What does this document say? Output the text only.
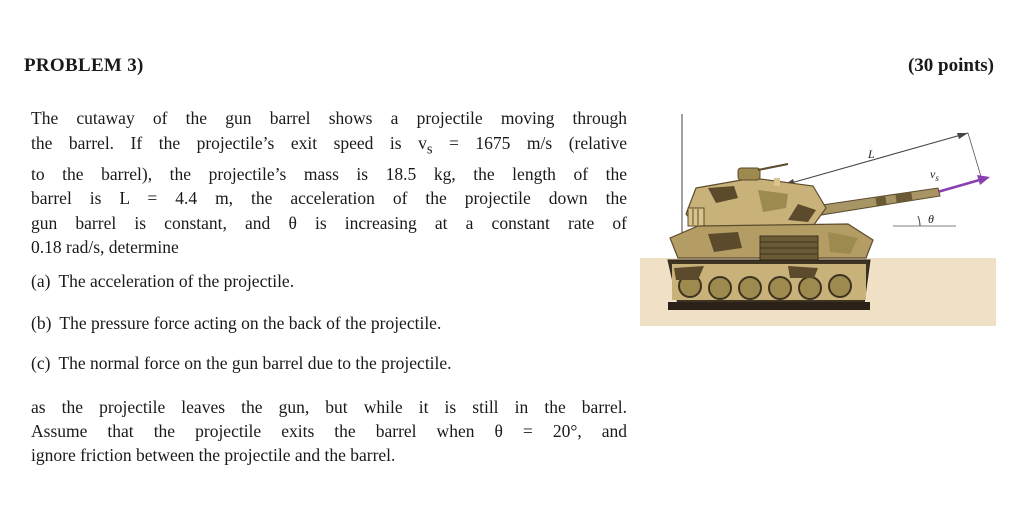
PROBLEM 3)	(30 points)
The cutaway of the gun barrel shows a projectile moving through
the barrel. If the projectile’s exit speed is $v_s = 1675$ m/s (relative
to the barrel), the projectile’s mass is 18.5 kg, the length of the
barrel is L = 4.4 m, the acceleration of the projectile down the
gun barrel is constant, and θ is increasing at a constant rate of
0.18 rad/s, determine
(a) The acceleration of the projectile.
(b) The pressure force acting on the back of the projectile.
(c) The normal force on the gun barrel due to the projectile.
as the projectile leaves the gun, but while it is still in the barrel.
Assume that the projectile exits the barrel when θ = 20°, and
ignore friction between the projectile and the barrel.
L
$v_s$
θ
